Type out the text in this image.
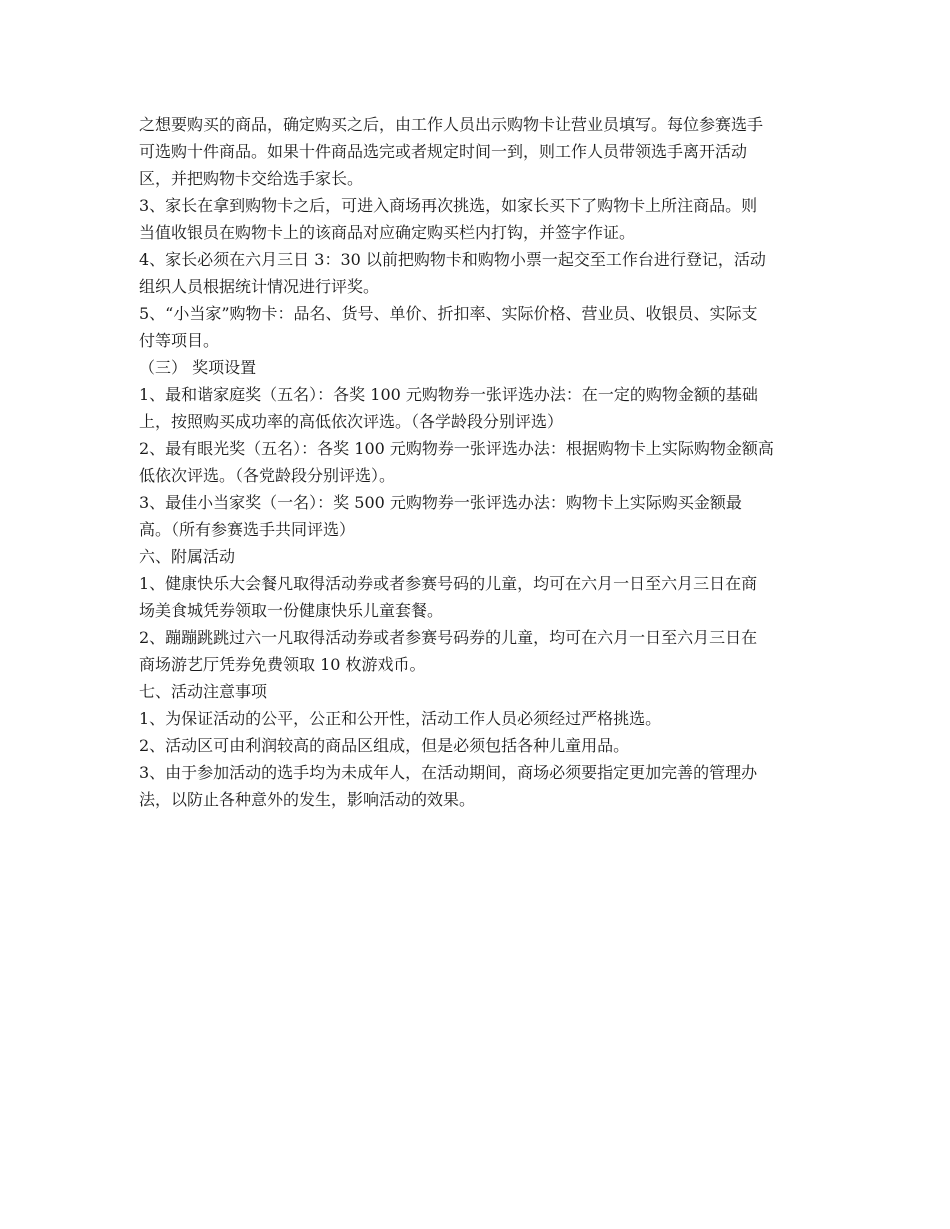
之想要购买的商品，确定购买之后，由工作人员出示购物卡让营业员填写。每位参赛选手
可选购十件商品。如果十件商品选完或者规定时间一到，则工作人员带领选手离开活动
区，并把购物卡交给选手家长。
3、家长在拿到购物卡之后，可进入商场再次挑选，如家长买下了购物卡上所注商品。则
当值收银员在购物卡上的该商品对应确定购买栏内打钩，并签字作证。
4、家长必须在六月三日 3：30 以前把购物卡和购物小票一起交至工作台进行登记，活动
组织人员根据统计情况进行评奖。
5、“小当家”购物卡：品名、货号、单价、折扣率、实际价格、营业员、收银员、实际支
付等项目。
（三） 奖项设置
1、最和谐家庭奖（五名）：各奖 100 元购物券一张评选办法：在一定的购物金额的基础
上，按照购买成功率的高低依次评选。（各学龄段分别评选）
2、最有眼光奖（五名）：各奖 100 元购物券一张评选办法：根据购物卡上实际购物金额高
低依次评选。（各党龄段分别评选）。
3、最佳小当家奖（一名）：奖 500 元购物券一张评选办法：购物卡上实际购买金额最
高。（所有参赛选手共同评选）
六、附属活动
1、健康快乐大会餐凡取得活动券或者参赛号码的儿童，均可在六月一日至六月三日在商
场美食城凭券领取一份健康快乐儿童套餐。
2、蹦蹦跳跳过六一凡取得活动券或者参赛号码券的儿童，均可在六月一日至六月三日在
商场游艺厅凭券免费领取 10 枚游戏币。
七、活动注意事项
1、为保证活动的公平，公正和公开性，活动工作人员必须经过严格挑选。
2、活动区可由利润较高的商品区组成，但是必须包括各种儿童用品。
3、由于参加活动的选手均为未成年人，在活动期间，商场必须要指定更加完善的管理办
法，以防止各种意外的发生，影响活动的效果。
